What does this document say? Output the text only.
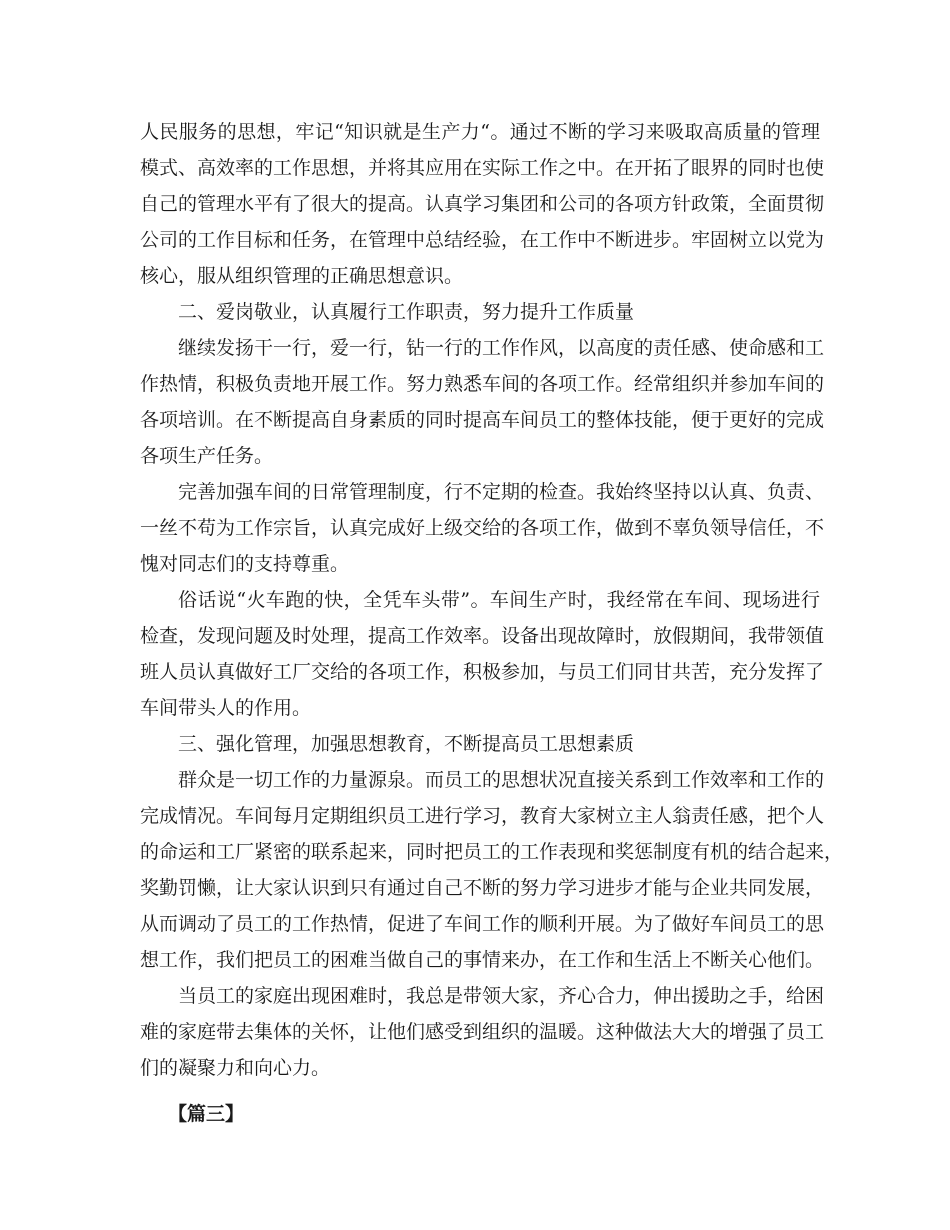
人民服务的思想，牢记“知识就是生产力“。通过不断的学习来吸取高质量的管理
模式、高效率的工作思想，并将其应用在实际工作之中。在开拓了眼界的同时也使
自己的管理水平有了很大的提高。认真学习集团和公司的各项方针政策，全面贯彻
公司的工作目标和任务，在管理中总结经验，在工作中不断进步。牢固树立以党为
核心，服从组织管理的正确思想意识。
二、爱岗敬业，认真履行工作职责，努力提升工作质量
继续发扬干一行，爱一行，钻一行的工作作风，以高度的责任感、使命感和工
作热情，积极负责地开展工作。努力熟悉车间的各项工作。经常组织并参加车间的
各项培训。在不断提高自身素质的同时提高车间员工的整体技能，便于更好的完成
各项生产任务。
完善加强车间的日常管理制度，行不定期的检查。我始终坚持以认真、负责、
一丝不苟为工作宗旨，认真完成好上级交给的各项工作，做到不辜负领导信任，不
愧对同志们的支持尊重。
俗话说“火车跑的快，全凭车头带”。车间生产时，我经常在车间、现场进行
检查，发现问题及时处理，提高工作效率。设备出现故障时，放假期间，我带领值
班人员认真做好工厂交给的各项工作，积极参加，与员工们同甘共苦，充分发挥了
车间带头人的作用。
三、强化管理，加强思想教育，不断提高员工思想素质
群众是一切工作的力量源泉。而员工的思想状况直接关系到工作效率和工作的
完成情况。车间每月定期组织员工进行学习，教育大家树立主人翁责任感，把个人
的命运和工厂紧密的联系起来，同时把员工的工作表现和奖惩制度有机的结合起来，
奖勤罚懒，让大家认识到只有通过自己不断的努力学习进步才能与企业共同发展，
从而调动了员工的工作热情，促进了车间工作的顺利开展。为了做好车间员工的思
想工作，我们把员工的困难当做自己的事情来办，在工作和生活上不断关心他们。
当员工的家庭出现困难时，我总是带领大家，齐心合力，伸出援助之手，给困
难的家庭带去集体的关怀，让他们感受到组织的温暖。这种做法大大的增强了员工
们的凝聚力和向心力。
【篇三】
